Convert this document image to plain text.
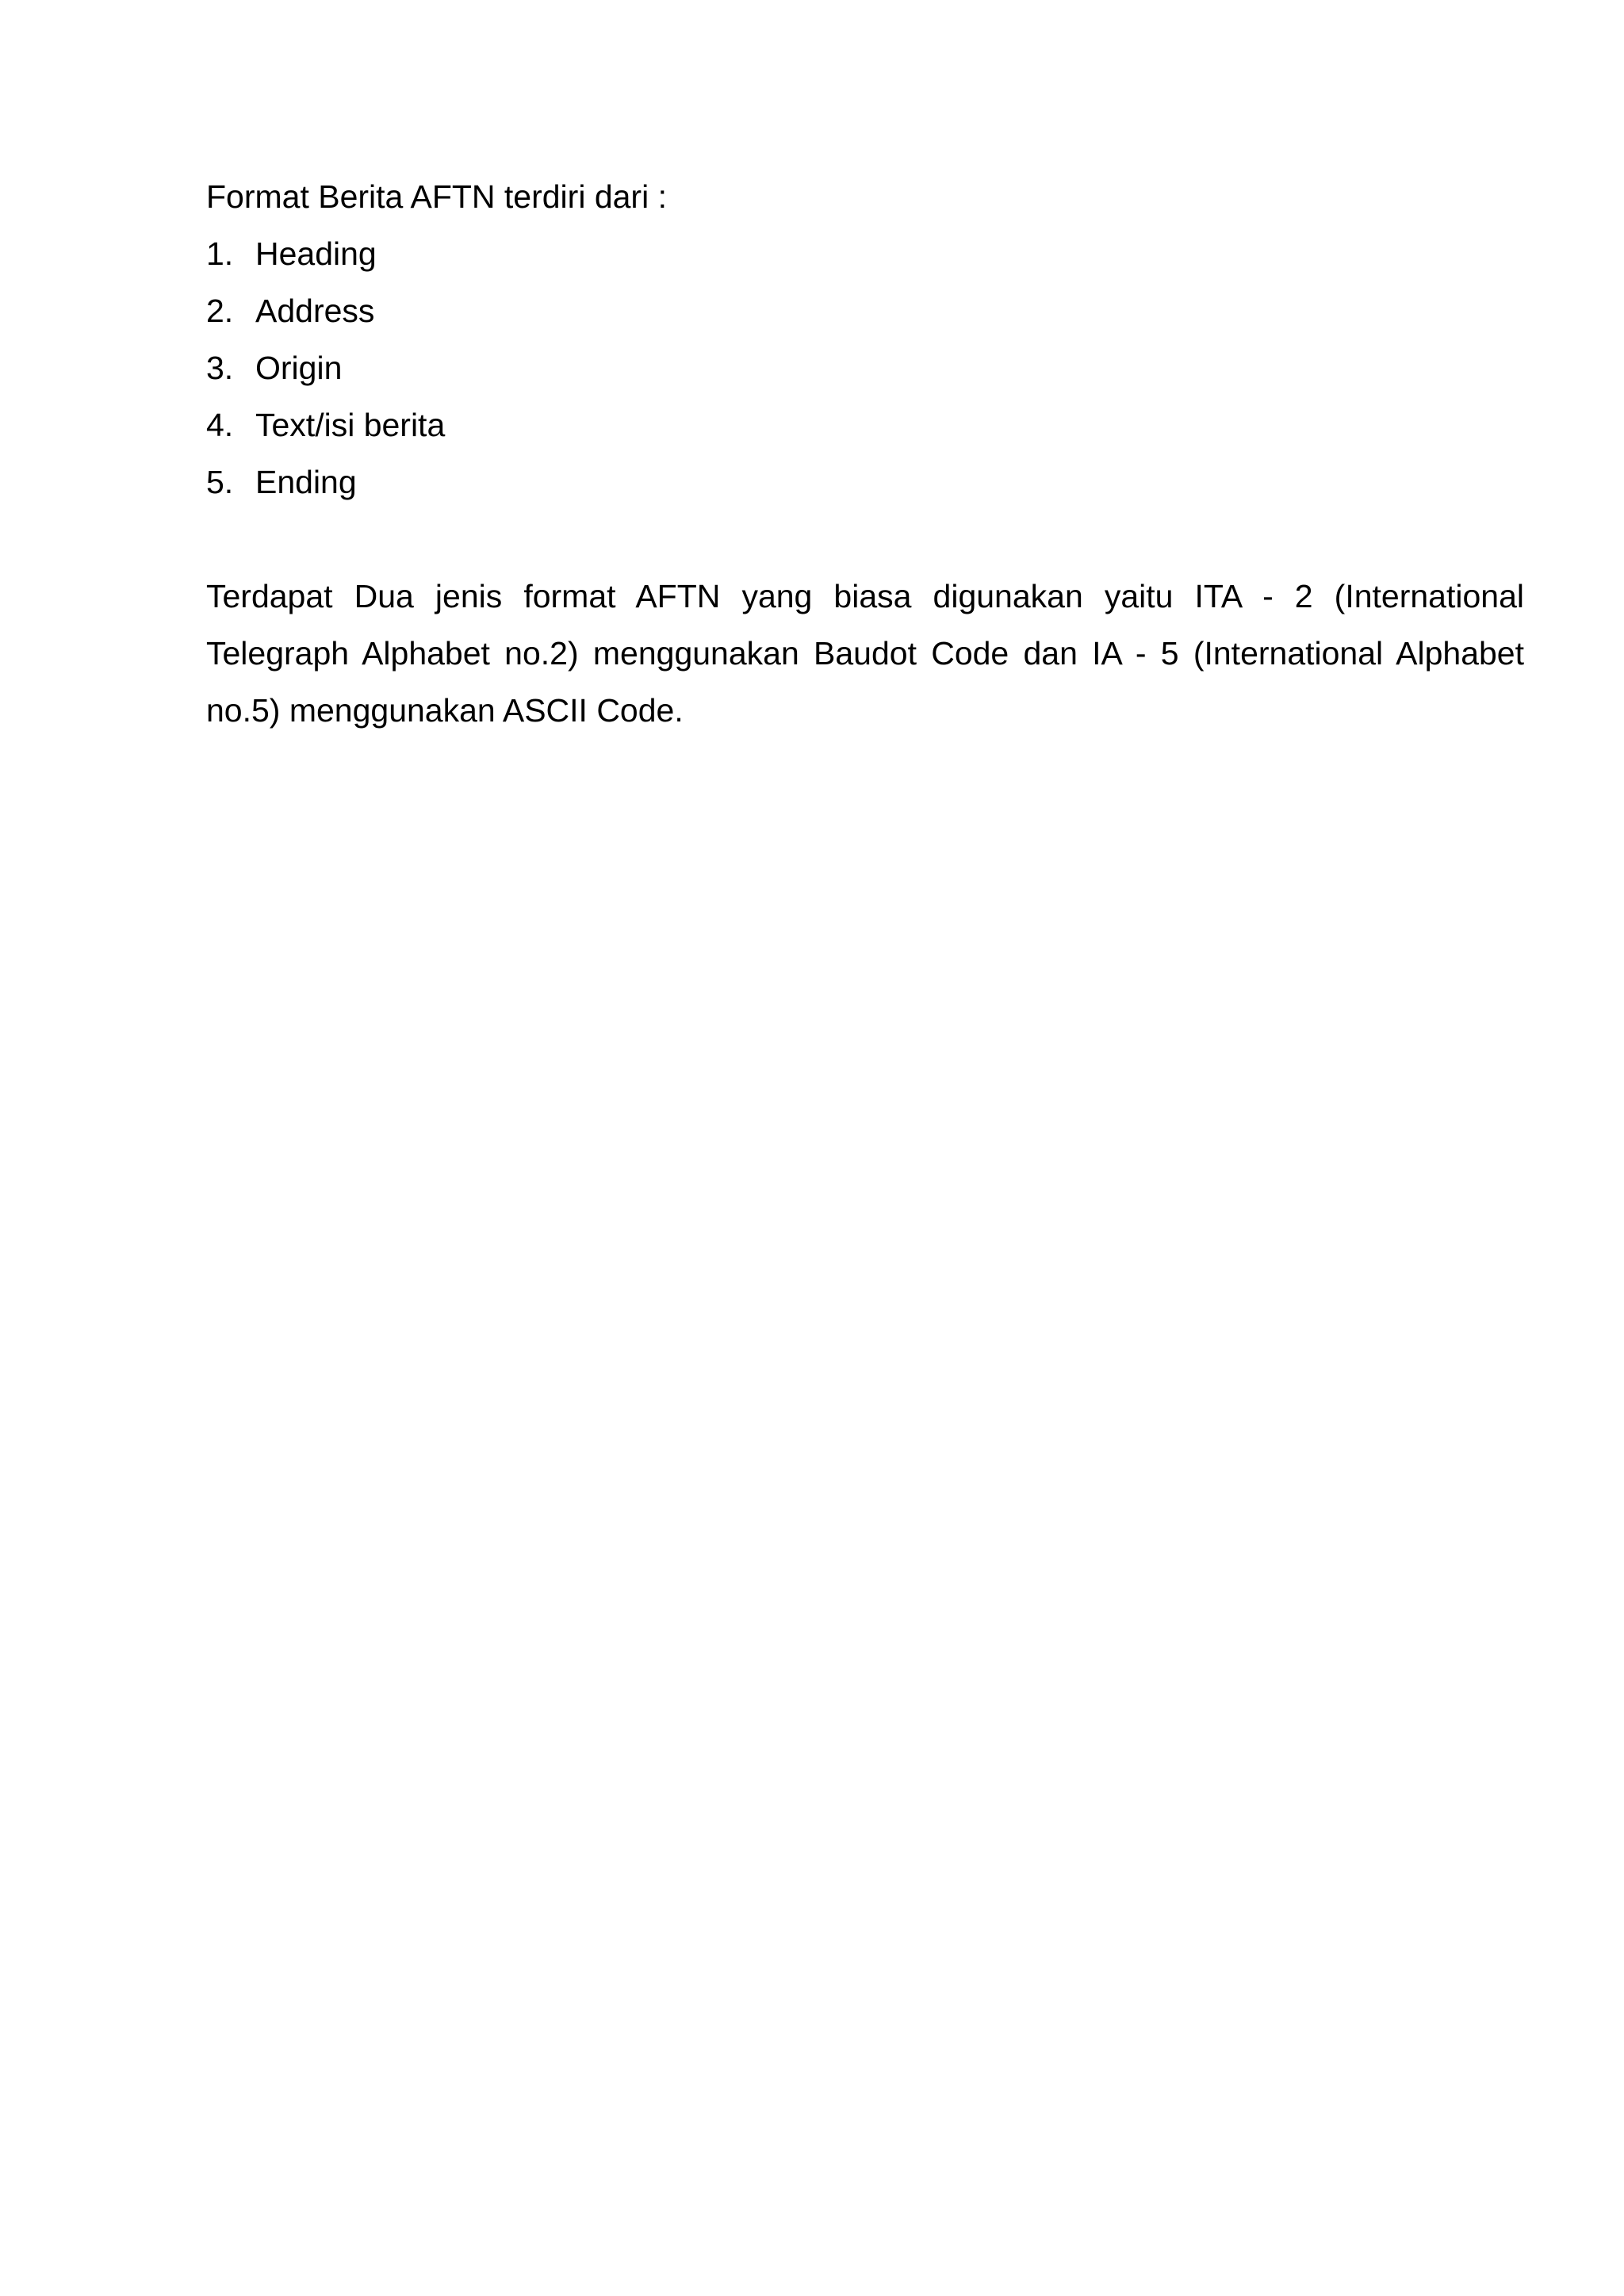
Format Berita AFTN terdiri dari :

1. Heading
2. Address
3. Origin
4. Text/isi berita
5. Ending

Terdapat Dua jenis format AFTN yang biasa digunakan yaitu ITA - 2 (International Telegraph Alphabet no.2) menggunakan Baudot Code dan IA - 5 (International Alphabet no.5) menggunakan ASCII Code.
